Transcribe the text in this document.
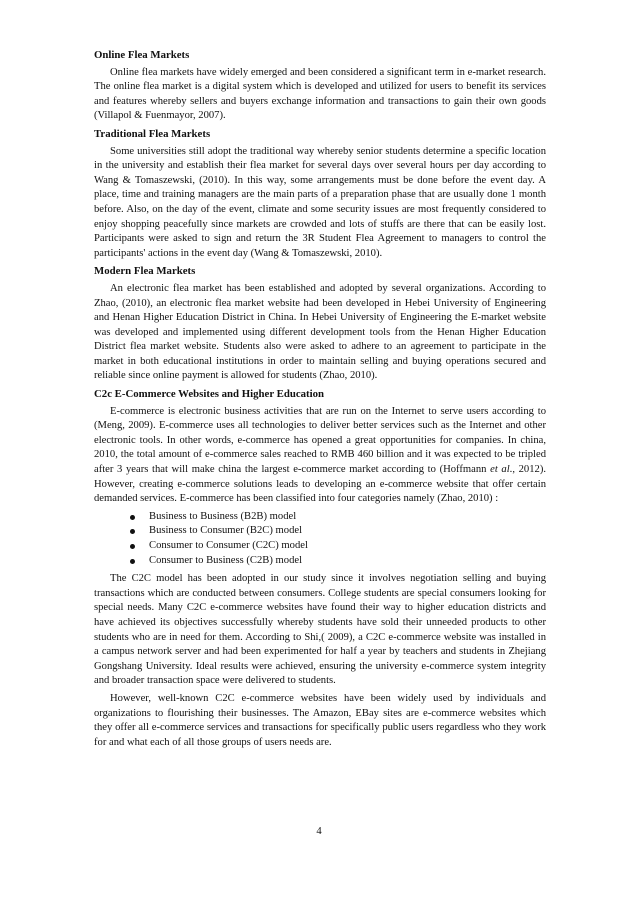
Online Flea Markets

Online flea markets have widely emerged and been considered a significant term in e-market research. The online flea market is a digital system which is developed and utilized for users to benefit its services and features whereby sellers and buyers exchange information and transactions to gain their own goods (Villapol & Fuenmayor, 2007).

Traditional Flea Markets

Some universities still adopt the traditional way whereby senior students determine a specific location in the university and establish their flea market for several days over several hours per day according to Wang & Tomaszewski, (2010). In this way, some arrangements must be done before the event day. A place, time and training managers are the main parts of a preparation phase that are usually done 1 month before. Also, on the day of the event, climate and some security issues are most frequently considered to enjoy shopping peacefully since markets are crowded and lots of stuffs are there that can be easily lost. Participants were asked to sign and return the 3R Student Flea Agreement to managers to control the participants' actions in the event day (Wang & Tomaszewski, 2010).

Modern Flea Markets

An electronic flea market has been established and adopted by several organizations. According to Zhao, (2010), an electronic flea market website had been developed in Hebei University of Engineering and Henan Higher Education District in China. In Hebei University of Engineering the E-market website was developed and implemented using different development tools from the Henan Higher Education District flea market website. Students also were asked to adhere to an agreement to participate in the market in both educational institutions in order to maintain selling and buying operations secured and reliable since online payment is allowed for students (Zhao, 2010).

C2c E-Commerce Websites and Higher Education

E-commerce is electronic business activities that are run on the Internet to serve users according to (Meng, 2009). E-commerce uses all technologies to deliver better services such as the Internet and other electronic tools. In other words, e-commerce has opened a great opportunities for companies. In china, 2010, the total amount of e-commerce sales reached to RMB 460 billion and it was expected to be tripled after 3 years that will make china the largest e-commerce market according to (Hoffmann et al., 2012). However, creating e-commerce solutions leads to developing an e-commerce website that offer certain demanded services. E-commerce has been classified into four categories namely (Zhao, 2010) :

Business to Business (B2B) model
Business to Consumer (B2C) model
Consumer to Consumer (C2C) model
Consumer to Business (C2B) model

The C2C model has been adopted in our study since it involves negotiation selling and buying transactions which are conducted between consumers. College students are special consumers looking for special needs. Many C2C e-commerce websites have found their way to higher education districts and have achieved its objectives successfully whereby students have sold their unneeded products to other students who are in need for them. According to Shi,( 2009), a C2C e-commerce website was installed in a campus network server and had been experimented for half a year by teachers and students in Zhejiang Gongshang University. Ideal results were achieved, ensuring the university e-commerce system integrity and broader transaction space were delivered to students.

However, well-known C2C e-commerce websites have been widely used by individuals and organizations to flourishing their businesses. The Amazon, EBay sites are e-commerce websites which they offer all e-commerce services and transactions for specifically public users regardless who they work for and what each of all those groups of users needs are.

4
